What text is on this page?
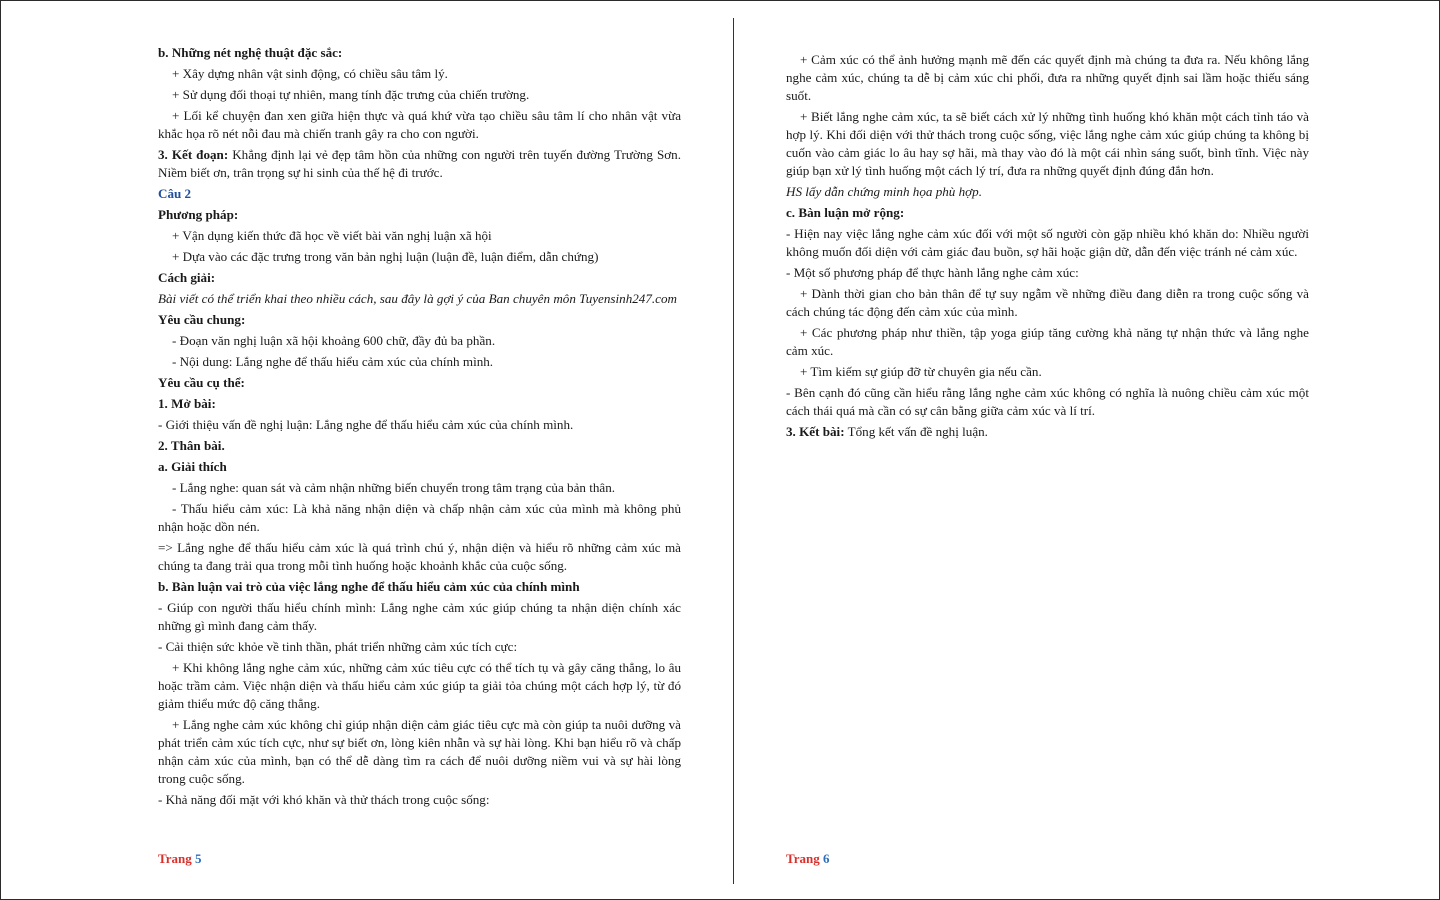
b. Những nét nghệ thuật đặc sắc:

+ Xây dựng nhân vật sinh động, có chiều sâu tâm lý.

+ Sử dụng đối thoại tự nhiên, mang tính đặc trưng của chiến trường.

+ Lối kể chuyện đan xen giữa hiện thực và quá khứ vừa tạo chiều sâu tâm lí cho nhân vật vừa khắc họa rõ nét nỗi đau mà chiến tranh gây ra cho con người.

3. Kết đoạn: Khẳng định lại vẻ đẹp tâm hồn của những con người trên tuyến đường Trường Sơn. Niềm biết ơn, trân trọng sự hi sinh của thế hệ đi trước.

Câu 2

Phương pháp:

+ Vận dụng kiến thức đã học về viết bài văn nghị luận xã hội

+ Dựa vào các đặc trưng trong văn bản nghị luận (luận đề, luận điểm, dẫn chứng)

Cách giải:

Bài viết có thể triển khai theo nhiều cách, sau đây là gợi ý của Ban chuyên môn Tuyensinh247.com

Yêu cầu chung:

- Đoạn văn nghị luận xã hội khoảng 600 chữ, đầy đủ ba phần.

- Nội dung: Lắng nghe để thấu hiểu cảm xúc của chính mình.

Yêu cầu cụ thể:

1. Mở bài:

- Giới thiệu vấn đề nghị luận: Lắng nghe để thấu hiểu cảm xúc của chính mình.

2. Thân bài.

a. Giải thích

- Lắng nghe: quan sát và cảm nhận những biến chuyển trong tâm trạng của bản thân.

- Thấu hiểu cảm xúc: Là khả năng nhận diện và chấp nhận cảm xúc của mình mà không phủ nhận hoặc dồn nén.

=> Lắng nghe để thấu hiểu cảm xúc là quá trình chú ý, nhận diện và hiểu rõ những cảm xúc mà chúng ta đang trải qua trong mỗi tình huống hoặc khoảnh khắc của cuộc sống.

b. Bàn luận vai trò của việc lắng nghe để thấu hiểu cảm xúc của chính mình

- Giúp con người thấu hiểu chính mình: Lắng nghe cảm xúc giúp chúng ta nhận diện chính xác những gì mình đang cảm thấy.

- Cải thiện sức khỏe về tinh thần, phát triển những cảm xúc tích cực:

+ Khi không lắng nghe cảm xúc, những cảm xúc tiêu cực có thể tích tụ và gây căng thẳng, lo âu hoặc trầm cảm. Việc nhận diện và thấu hiểu cảm xúc giúp ta giải tỏa chúng một cách hợp lý, từ đó giảm thiểu mức độ căng thẳng.

+ Lắng nghe cảm xúc không chỉ giúp nhận diện cảm giác tiêu cực mà còn giúp ta nuôi dưỡng và phát triển cảm xúc tích cực, như sự biết ơn, lòng kiên nhẫn và sự hài lòng. Khi bạn hiểu rõ và chấp nhận cảm xúc của mình, bạn có thể dễ dàng tìm ra cách để nuôi dưỡng niềm vui và sự hài lòng trong cuộc sống.

- Khả năng đối mặt với khó khăn và thử thách trong cuộc sống:

+ Cảm xúc có thể ảnh hưởng mạnh mẽ đến các quyết định mà chúng ta đưa ra. Nếu không lắng nghe cảm xúc, chúng ta dễ bị cảm xúc chi phối, đưa ra những quyết định sai lầm hoặc thiếu sáng suốt.

+ Biết lắng nghe cảm xúc, ta sẽ biết cách xử lý những tình huống khó khăn một cách tỉnh táo và hợp lý. Khi đối diện với thử thách trong cuộc sống, việc lắng nghe cảm xúc giúp chúng ta không bị cuốn vào cảm giác lo âu hay sợ hãi, mà thay vào đó là một cái nhìn sáng suốt, bình tĩnh. Việc này giúp bạn xử lý tình huống một cách lý trí, đưa ra những quyết định đúng đắn hơn.

HS lấy dẫn chứng minh họa phù hợp.

c. Bàn luận mở rộng:

- Hiện nay việc lắng nghe cảm xúc đối với một số người còn gặp nhiều khó khăn do: Nhiều người không muốn đối diện với cảm giác đau buồn, sợ hãi hoặc giận dữ, dẫn đến việc tránh né cảm xúc.

- Một số phương pháp để thực hành lắng nghe cảm xúc:

+ Dành thời gian cho bản thân để tự suy ngẫm về những điều đang diễn ra trong cuộc sống và cách chúng tác động đến cảm xúc của mình.

+ Các phương pháp như thiền, tập yoga giúp tăng cường khả năng tự nhận thức và lắng nghe cảm xúc.

+ Tìm kiếm sự giúp đỡ từ chuyên gia nếu cần.

- Bên cạnh đó cũng cần hiểu rằng lắng nghe cảm xúc không có nghĩa là nuông chiều cảm xúc một cách thái quá mà cần có sự cân bằng giữa cảm xúc và lí trí.

3. Kết bài: Tổng kết vấn đề nghị luận.

Trang 5	Trang 6
